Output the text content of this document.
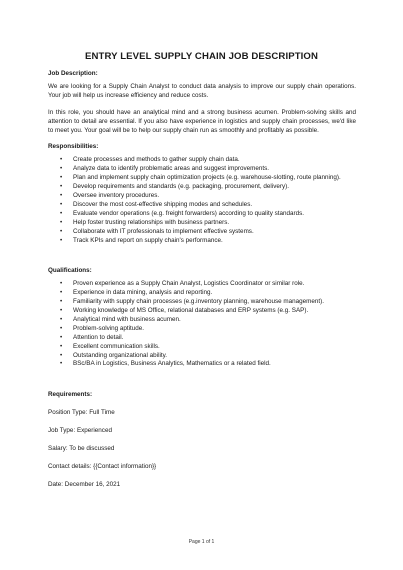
ENTRY LEVEL SUPPLY CHAIN JOB DESCRIPTION

Job Description:

We are looking for a Supply Chain Analyst to conduct data analysis to improve our supply chain operations. Your job will help us increase efficiency and reduce costs.

In this role, you should have an analytical mind and a strong business acumen. Problem-solving skills and attention to detail are essential. If you also have experience in logistics and supply chain processes, we'd like to meet you. Your goal will be to help our supply chain run as smoothly and profitably as possible.

Responsibilities:

• Create processes and methods to gather supply chain data.
• Analyze data to identify problematic areas and suggest improvements.
• Plan and implement supply chain optimization projects (e.g. warehouse-slotting, route planning).
• Develop requirements and standards (e.g. packaging, procurement, delivery).
• Oversee inventory procedures.
• Discover the most cost-effective shipping modes and schedules.
• Evaluate vendor operations (e.g. freight forwarders) according to quality standards.
• Help foster trusting relationships with business partners.
• Collaborate with IT professionals to implement effective systems.
• Track KPIs and report on supply chain's performance.

Qualifications:

• Proven experience as a Supply Chain Analyst, Logistics Coordinator or similar role.
• Experience in data mining, analysis and reporting.
• Familiarity with supply chain processes (e.g.inventory planning, warehouse management).
• Working knowledge of MS Office, relational databases and ERP systems (e.g. SAP).
• Analytical mind with business acumen.
• Problem-solving aptitude.
• Attention to detail.
• Excellent communication skills.
• Outstanding organizational ability.
• BSc/BA in Logistics, Business Analytics, Mathematics or a related field.

Requirements:

Position Type: Full Time

Job Type: Experienced

Salary: To be discussed

Contact details: {{Contact information}}

Date: December 16, 2021

Page 1 of 1
